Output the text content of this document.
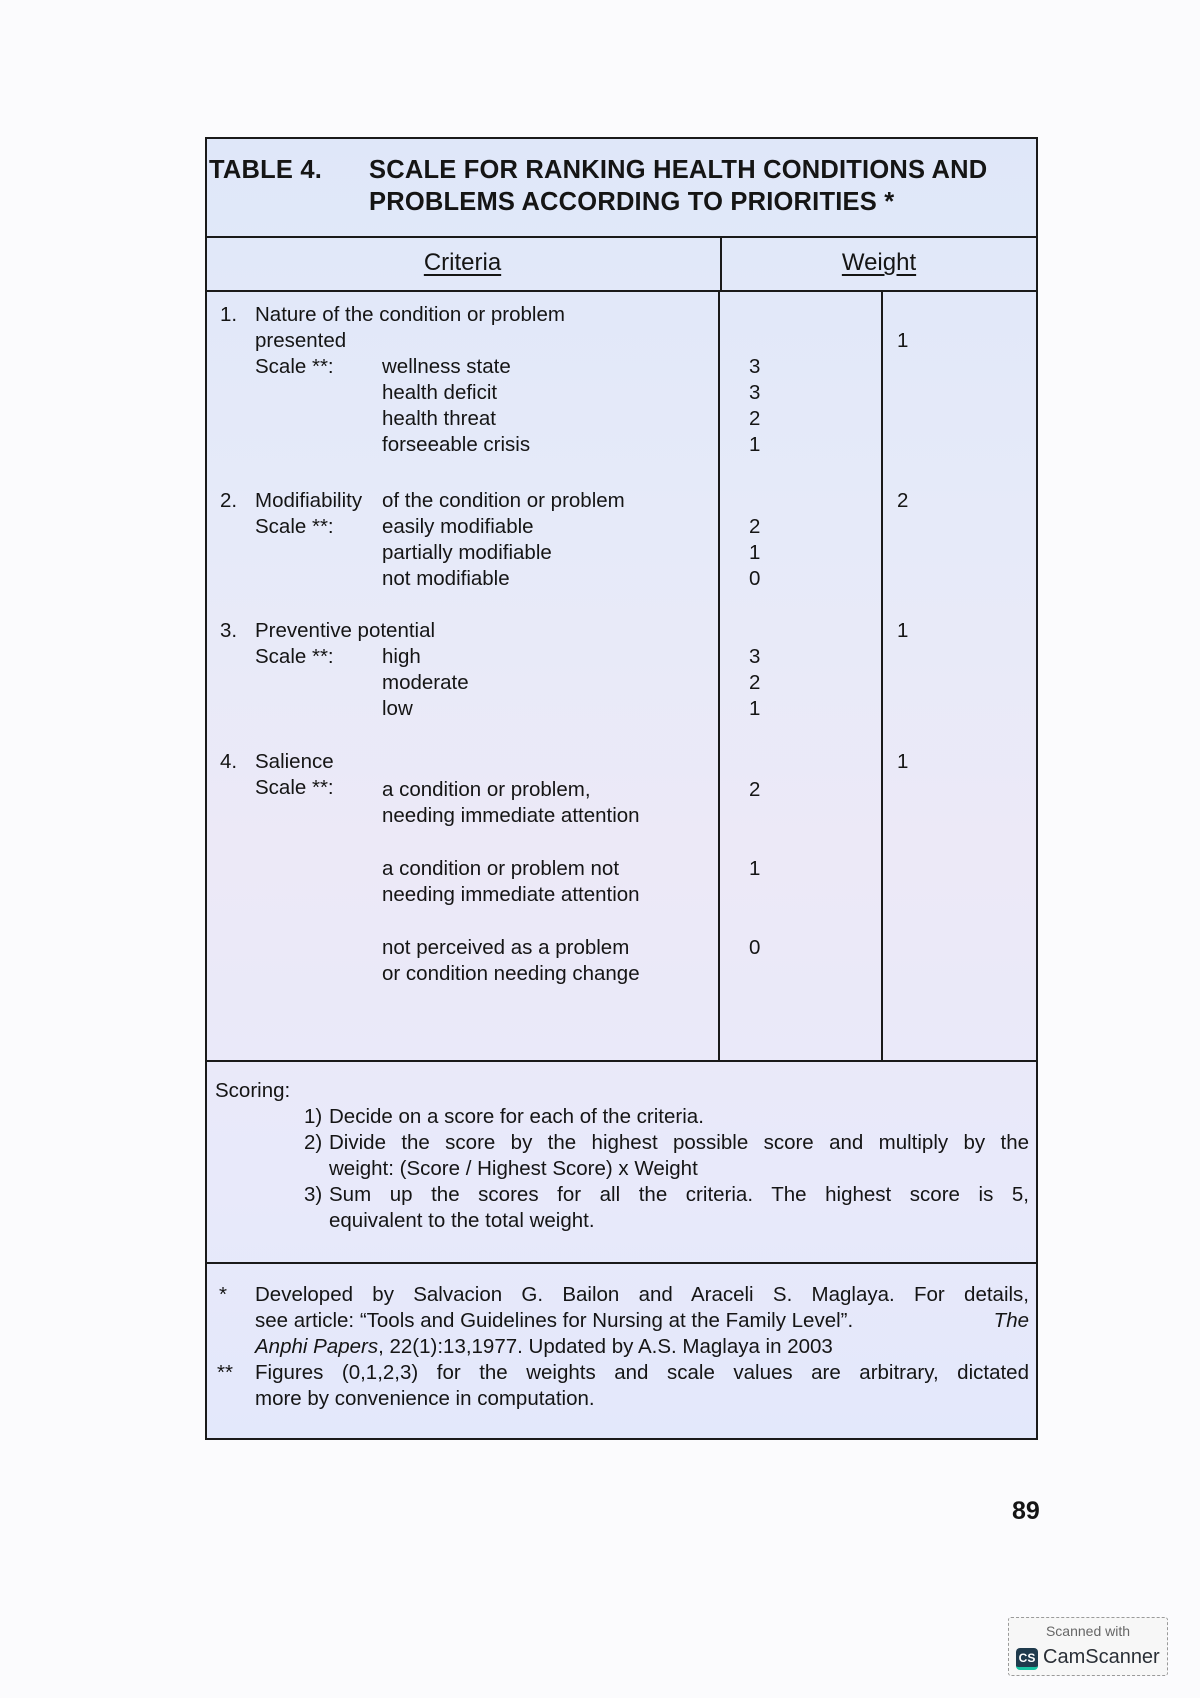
TABLE 4. SCALE FOR RANKING HEALTH CONDITIONS AND
PROBLEMS ACCORDING TO PRIORITIES *
Criteria	Weight
1. Nature of the condition or problem
presented
Scale **: wellness state
health deficit
health threat
forseeable crisis
3
3
2
1
1
2. Modifiability of the condition or problem
Scale **: easily modifiable
partially modifiable
not modifiable
2
1
0
2
3. Preventive potential
Scale **: high
moderate
low
3
2
1
1
4. Salience
Scale **: a condition or problem,
needing immediate attention
a condition or problem not
needing immediate attention
not perceived as a problem
or condition needing change
2
1
0
1
Scoring:
1) Decide on a score for each of the criteria.
2) Divide the score by the highest possible score and multiply by the
weight: (Score / Highest Score) x Weight
3) Sum up the scores for all the criteria. The highest score is 5,
equivalent to the total weight.
* Developed by Salvacion G. Bailon and Araceli S. Maglaya. For details,
see article: “Tools and Guidelines for Nursing at the Family Level”.	The
Anphi Papers, 22(1):13,1977. Updated by A.S. Maglaya in 2003
** Figures (0,1,2,3) for the weights and scale values are arbitrary, dictated
more by convenience in computation.
89
Scanned with
CS CamScanner
